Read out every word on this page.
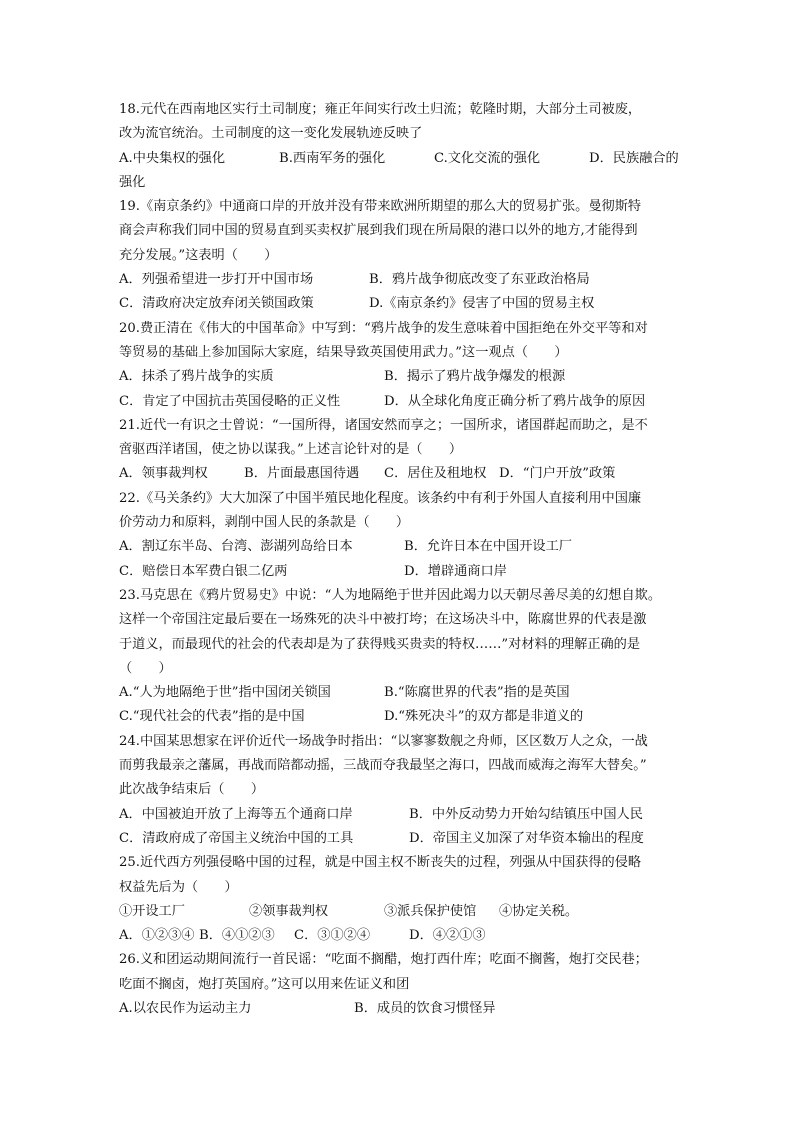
18.元代在西南地区实行土司制度；雍正年间实行改土归流；乾隆时期，大部分土司被废，
改为流官统治。土司制度的这一变化发展轨迹反映了
A.中央集权的强化	B.西南军务的强化	C.文化交流的强化	D．民族融合的
强化
19.《南京条约》中通商口岸的开放并没有带来欧洲所期望的那么大的贸易扩张。曼彻斯特
商会声称我们同中国的贸易直到买卖权扩展到我们现在所局限的港口以外的地方,才能得到
充分发展。”这表明（　　）
A．列强希望进一步打开中国市场	B．鸦片战争彻底改变了东亚政治格局
C．清政府决定放弃闭关锁国政策	D.《南京条约》侵害了中国的贸易主权
20.费正清在《伟大的中国革命》中写到：“鸦片战争的发生意味着中国拒绝在外交平等和对
等贸易的基础上参加国际大家庭，结果导致英国使用武力。”这一观点（　　）
A．抹杀了鸦片战争的实质	B．揭示了鸦片战争爆发的根源
C．肯定了中国抗击英国侵略的正义性	D．从全球化角度正确分析了鸦片战争的原因
21.近代一有识之士曾说：“一国所得，诸国安然而享之；一国所求，诸国群起而助之，是不
啻驱西洋诸国，使之协以谋我。”上述言论针对的是（　　）
A．领事裁判权	B．片面最惠国待遇	C．居住及租地权 D．“门户开放”政策
22.《马关条约》大大加深了中国半殖民地化程度。该条约中有利于外国人直接利用中国廉
价劳动力和原料，剥削中国人民的条款是（　　）
A．割辽东半岛、台湾、澎湖列岛给日本	B．允许日本在中国开设工厂
C．赔偿日本军费白银二亿两	D．增辟通商口岸
23.马克思在《鸦片贸易史》中说：“人为地隔绝于世并因此竭力以天朝尽善尽美的幻想自欺。
这样一个帝国注定最后要在一场殊死的决斗中被打垮；在这场决斗中，陈腐世界的代表是激
于道义，而最现代的社会的代表却是为了获得贱买贵卖的特权……”对材料的理解正确的是
（　　）
A.“人为地隔绝于世”指中国闭关锁国	B.“陈腐世界的代表”指的是英国
C.“现代社会的代表”指的是中国	D.“殊死决斗”的双方都是非道义的
24.中国某思想家在评价近代一场战争时指出：“以寥寥数舰之舟师，区区数万人之众，一战
而剪我最亲之藩属，再战而陪都动摇，三战而夺我最坚之海口，四战而威海之海军大替矣。”
此次战争结束后（　　）
A．中国被迫开放了上海等五个通商口岸	B．中外反动势力开始勾结镇压中国人民
C．清政府成了帝国主义统治中国的工具	D．帝国主义加深了对华资本输出的程度
25.近代西方列强侵略中国的过程，就是中国主权不断丧失的过程，列强从中国获得的侵略
权益先后为（　　）
①开设工厂	②领事裁判权	③派兵保护使馆	④协定关税。
A．①②③④ B．④①②③	C．③①②④	D．④②①③
26.义和团运动期间流行一首民谣：“吃面不搁醋，炮打西什库；吃面不搁酱，炮打交民巷；
吃面不搁卤，炮打英国府。”这可以用来佐证义和团
A.以农民作为运动主力	B．成员的饮食习惯怪异
